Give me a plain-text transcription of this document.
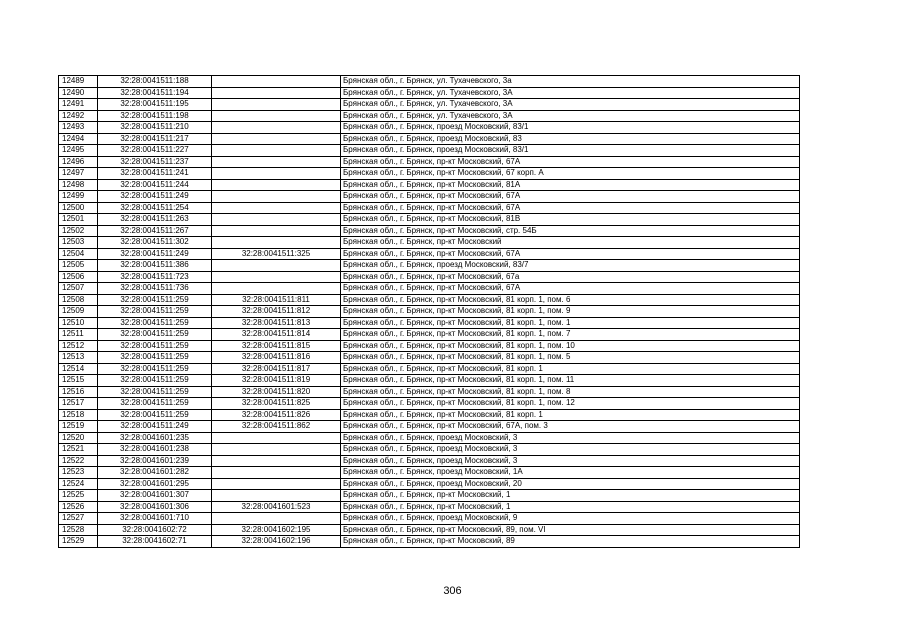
12489	32:28:0041511:188		Брянская обл., г. Брянск, ул. Тухачевского, 3а
12490	32:28:0041511:194		Брянская обл., г. Брянск, ул. Тухачевского, 3А
12491	32:28:0041511:195		Брянская обл., г. Брянск, ул. Тухачевского, 3А
12492	32:28:0041511:198		Брянская обл., г. Брянск, ул. Тухачевского, 3А
12493	32:28:0041511:210		Брянская обл., г. Брянск, проезд Московский, 83/1
12494	32:28:0041511:217		Брянская обл., г. Брянск, проезд Московский, 83
12495	32:28:0041511:227		Брянская обл., г. Брянск, проезд Московский, 83/1
12496	32:28:0041511:237		Брянская обл., г. Брянск, пр-кт Московский, 67А
12497	32:28:0041511:241		Брянская обл., г. Брянск, пр-кт Московский, 67 корп. А
12498	32:28:0041511:244		Брянская обл., г. Брянск, пр-кт Московский, 81А
12499	32:28:0041511:249		Брянская обл., г. Брянск, пр-кт Московский, 67А
12500	32:28:0041511:254		Брянская обл., г. Брянск, пр-кт Московский, 67А
12501	32:28:0041511:263		Брянская обл., г. Брянск, пр-кт Московский, 81В
12502	32:28:0041511:267		Брянская обл., г. Брянск, пр-кт Московский, стр. 54Б
12503	32:28:0041511:302		Брянская обл., г. Брянск, пр-кт Московский
12504	32:28:0041511:249	32:28:0041511:325	Брянская обл., г. Брянск, пр-кт Московский, 67А
12505	32:28:0041511:386		Брянская обл., г. Брянск, проезд Московский, 83/7
12506	32:28:0041511:723		Брянская обл., г. Брянск, пр-кт Московский, 67а
12507	32:28:0041511:736		Брянская обл., г. Брянск, пр-кт Московский, 67А
12508	32:28:0041511:259	32:28:0041511:811	Брянская обл., г. Брянск, пр-кт Московский, 81 корп. 1, пом. 6
12509	32:28:0041511:259	32:28:0041511:812	Брянская обл., г. Брянск, пр-кт Московский, 81 корп. 1, пом. 9
12510	32:28:0041511:259	32:28:0041511:813	Брянская обл., г. Брянск, пр-кт Московский, 81 корп. 1, пом. 1
12511	32:28:0041511:259	32:28:0041511:814	Брянская обл., г. Брянск, пр-кт Московский, 81 корп. 1, пом. 7
12512	32:28:0041511:259	32:28:0041511:815	Брянская обл., г. Брянск, пр-кт Московский, 81 корп. 1, пом. 10
12513	32:28:0041511:259	32:28:0041511:816	Брянская обл., г. Брянск, пр-кт Московский, 81 корп. 1, пом. 5
12514	32:28:0041511:259	32:28:0041511:817	Брянская обл., г. Брянск, пр-кт Московский, 81 корп. 1
12515	32:28:0041511:259	32:28:0041511:819	Брянская обл., г. Брянск, пр-кт Московский, 81 корп. 1, пом. 11
12516	32:28:0041511:259	32:28:0041511:820	Брянская обл., г. Брянск, пр-кт Московский, 81 корп. 1, пом. 8
12517	32:28:0041511:259	32:28:0041511:825	Брянская обл., г. Брянск, пр-кт Московский, 81 корп. 1, пом. 12
12518	32:28:0041511:259	32:28:0041511:826	Брянская обл., г. Брянск, пр-кт Московский, 81 корп. 1
12519	32:28:0041511:249	32:28:0041511:862	Брянская обл., г. Брянск, пр-кт Московский, 67А, пом. 3
12520	32:28:0041601:235		Брянская обл., г. Брянск, проезд Московский, 3
12521	32:28:0041601:238		Брянская обл., г. Брянск, проезд Московский, 3
12522	32:28:0041601:239		Брянская обл., г. Брянск, проезд Московский, 3
12523	32:28:0041601:282		Брянская обл., г. Брянск, проезд Московский, 1А
12524	32:28:0041601:295		Брянская обл., г. Брянск, проезд Московский, 20
12525	32:28:0041601:307		Брянская обл., г. Брянск, пр-кт Московский, 1
12526	32:28:0041601:306	32:28:0041601:523	Брянская обл., г. Брянск, пр-кт Московский, 1
12527	32:28:0041601:710		Брянская обл., г. Брянск, проезд Московский, 9
12528	32:28:0041602:72	32:28:0041602:195	Брянская обл., г. Брянск, пр-кт Московский, 89, пом. VI
12529	32:28:0041602:71	32:28:0041602:196	Брянская обл., г. Брянск, пр-кт Московский, 89
306
